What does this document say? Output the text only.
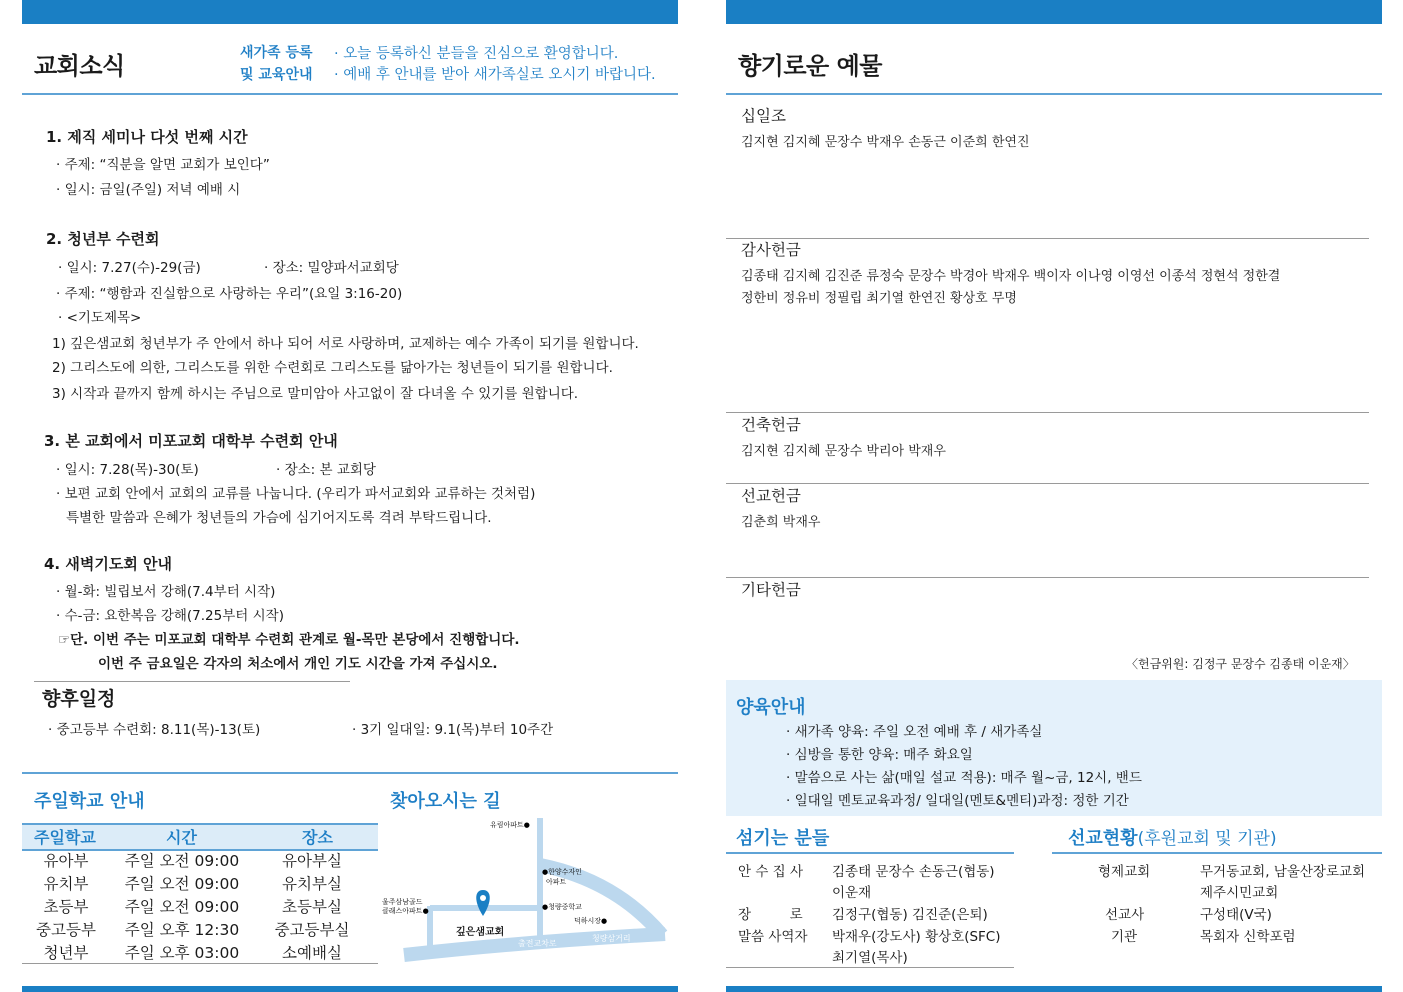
교회소식	새가족 등록
및 교육안내
· 오늘 등록하신 분들을 진심으로 환영합니다.
· 예배 후 안내를 받아 새가족실로 오시기 바랍니다.
1. 제직 세미나 다섯 번째 시간
· 주제: “직분을 알면 교회가 보인다”
· 일시: 금일(주일) 저녁 예배 시
2. 청년부 수련회
· 일시: 7.27(수)-29(금)	· 장소: 밀양파서교회당
· 주제: “행함과 진실함으로 사랑하는 우리”(요일 3:16-20)
· <기도제목>
1) 깊은샘교회 청년부가 주 안에서 하나 되어 서로 사랑하며, 교제하는 예수 가족이 되기를 원합니다.
2) 그리스도에 의한, 그리스도를 위한 수련회로 그리스도를 닮아가는 청년들이 되기를 원합니다.
3) 시작과 끝까지 함께 하시는 주님으로 말미암아 사고없이 잘 다녀올 수 있기를 원합니다.
3. 본 교회에서 미포교회 대학부 수련회 안내
· 일시: 7.28(목)-30(토)	· 장소: 본 교회당
· 보편 교회 안에서 교회의 교류를 나눕니다. (우리가 파서교회와 교류하는 것처럼)
특별한 말씀과 은혜가 청년들의 가슴에 심기어지도록 격려 부탁드립니다.
4. 새벽기도회 안내
· 월-화: 빌립보서 강해(7.4부터 시작)
· 수-금: 요한복음 강해(7.25부터 시작)
☞단. 이번 주는 미포교회 대학부 수련회 관계로 월-목만 본당에서 진행합니다.
이번 주 금요일은 각자의 처소에서 개인 기도 시간을 가져 주십시오.
향후일정
· 중고등부 수련회: 8.11(목)-13(토)	· 3기 일대일: 9.1(목)부터 10주간
주일학교 안내
주일학교	시간	장소
유아부 주일 오전 09:00	유아부실
유치부 주일 오전 09:00	유치부실
초등부 주일 오전 09:00	초등부실
중고등부 주일 오후 12:30 중고등부실
청년부 주일 오후 03:00	소예배실
찾아오시는 길
유림아파트●
●한양수자인
아파트
●청량중학교
덕하시장●
울주삼남골드
클래스아파트●
깊은샘교회
출전교차로
청량삼거리
향기로운 예물
십일조
김지현 김지혜 문장수 박재우 손동근 이준희 한연진
감사헌금
김종태 김지혜 김진준 류정숙 문장수 박경아 박재우 백이자 이나영 이영선 이종석 정현석 정한결
정한비 정유비 정필립 최기열 한연진 황상호 무명
건축헌금
김지현 김지혜 문장수 박리아 박재우
선교헌금
김춘희 박재우
기타헌금
〈헌금위원: 김정구 문장수 김종태 이운재〉
양육안내
· 새가족 양육: 주일 오전 예배 후 / 새가족실
· 심방을 통한 양육: 매주 화요일
· 말씀으로 사는 삶(매일 설교 적용): 매주 월~금, 12시, 밴드
· 일대일 멘토교육과정/ 일대일(멘토&멘티)과정: 정한 기간
섬기는 분들
안 수 집 사 김종태 문장수 손동근(협동)
이운재
장         로 김정구(협동) 김진준(은퇴)
말씀 사역자 박재우(강도사) 황상호(SFC)
최기열(목사)
선교현황(후원교회 및 기관)
형제교회	무거동교회, 남울산장로교회
제주시민교회
선교사	구성태(V국)
기관	목회자 신학포럼
